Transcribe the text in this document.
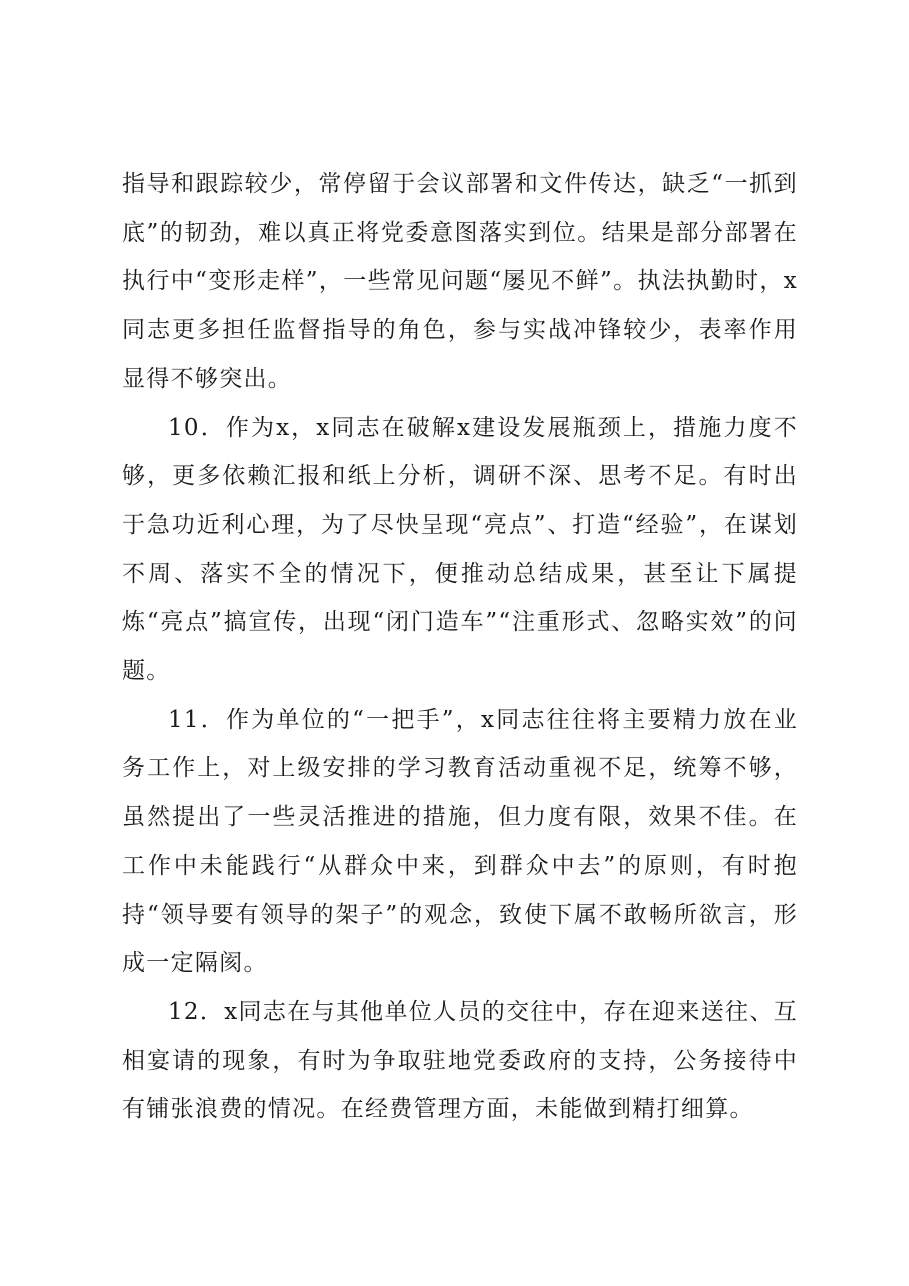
指导和跟踪较少，常停留于会议部署和文件传达，缺乏“一抓到底”的韧劲，难以真正将党委意图落实到位。结果是部分部署在执行中“变形走样”，一些常见问题“屡见不鲜”。执法执勤时，x同志更多担任监督指导的角色，参与实战冲锋较少，表率作用显得不够突出。

10．作为x，x同志在破解x建设发展瓶颈上，措施力度不够，更多依赖汇报和纸上分析，调研不深、思考不足。有时出于急功近利心理，为了尽快呈现“亮点”、打造“经验”，在谋划不周、落实不全的情况下，便推动总结成果，甚至让下属提炼“亮点”搞宣传，出现“闭门造车”“注重形式、忽略实效”的问题。

11．作为单位的“一把手”，x同志往往将主要精力放在业务工作上，对上级安排的学习教育活动重视不足，统筹不够，虽然提出了一些灵活推进的措施，但力度有限，效果不佳。在工作中未能践行“从群众中来，到群众中去”的原则，有时抱持“领导要有领导的架子”的观念，致使下属不敢畅所欲言，形成一定隔阂。

12．x同志在与其他单位人员的交往中，存在迎来送往、互相宴请的现象，有时为争取驻地党委政府的支持，公务接待中有铺张浪费的情况。在经费管理方面，未能做到精打细算。
